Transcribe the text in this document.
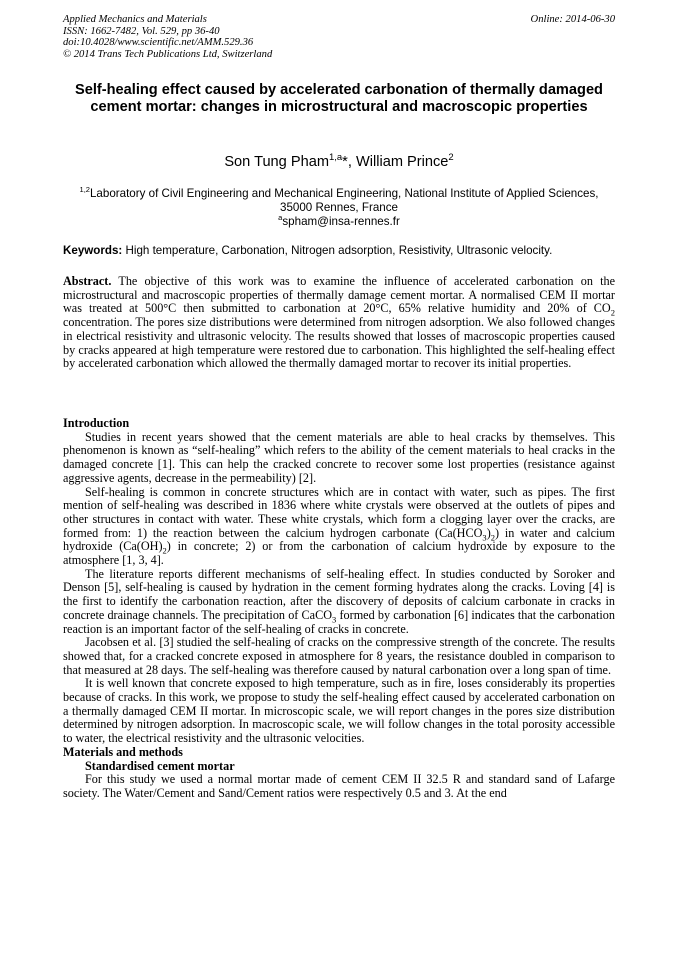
Applied Mechanics and Materials
ISSN: 1662-7482, Vol. 529, pp 36-40
doi:10.4028/www.scientific.net/AMM.529.36
© 2014 Trans Tech Publications Ltd, Switzerland
Online: 2014-06-30
Self-healing effect caused by accelerated carbonation of thermally damaged cement mortar: changes in microstructural and macroscopic properties
Son Tung Pham$^{1,a}$*, William Prince$^2$
$^{1,2}$Laboratory of Civil Engineering and Mechanical Engineering, National Institute of Applied Sciences, 35000 Rennes, France
$^a$spham@insa-rennes.fr
Keywords: High temperature, Carbonation, Nitrogen adsorption, Resistivity, Ultrasonic velocity.
Abstract. The objective of this work was to examine the influence of accelerated carbonation on the microstructural and macroscopic properties of thermally damage cement mortar. A normalised CEM II mortar was treated at 500°C then submitted to carbonation at 20°C, 65% relative humidity and 20% of $CO_2$ concentration. The pores size distributions were determined from nitrogen adsorption. We also followed changes in electrical resistivity and ultrasonic velocity. The results showed that losses of macroscopic properties caused by cracks appeared at high temperature were restored due to carbonation. This highlighted the self-healing effect by accelerated carbonation which allowed the thermally damaged mortar to recover its initial properties.
Introduction

Studies in recent years showed that the cement materials are able to heal cracks by themselves. This phenomenon is known as “self-healing” which refers to the ability of the cement materials to heal cracks in the damaged concrete [1]. This can help the cracked concrete to recover some lost properties (resistance against aggressive agents, decrease in the permeability) [2].

Self-healing is common in concrete structures which are in contact with water, such as pipes. The first mention of self-healing was described in 1836 where white crystals were observed at the outlets of pipes and other structures in contact with water. These white crystals, which form a clogging layer over the cracks, are formed from: 1) the reaction between the calcium hydrogen carbonate $(Ca(HCO_3)_2)$ in water and calcium hydroxide $(Ca(OH)_2)$ in concrete; 2) or from the carbonation of calcium hydroxide by exposure to the atmosphere [1, 3, 4].

The literature reports different mechanisms of self-healing effect. In studies conducted by Soroker and Denson [5], self-healing is caused by hydration in the cement forming hydrates along the cracks. Loving [4] is the first to identify the carbonation reaction, after the discovery of deposits of calcium carbonate in cracks in concrete drainage channels. The precipitation of CaCO$_3$ formed by carbonation [6] indicates that the carbonation reaction is an important factor of the self-healing of cracks in concrete.

Jacobsen et al. [3] studied the self-healing of cracks on the compressive strength of the concrete. The results showed that, for a cracked concrete exposed in atmosphere for 8 years, the resistance doubled in comparison to that measured at 28 days. The self-healing was therefore caused by natural carbonation over a long span of time.

It is well known that concrete exposed to high temperature, such as in fire, loses considerably its properties because of cracks. In this work, we propose to study the self-healing effect caused by accelerated carbonation on a thermally damaged CEM II mortar. In microscopic scale, we will report changes in the pores size distribution determined by nitrogen adsorption. In macroscopic scale, we will follow changes in the total porosity accessible to water, the electrical resistivity and the ultrasonic velocities.

Materials and methods
Standardised cement mortar

For this study we used a normal mortar made of cement CEM II 32.5 R and standard sand of Lafarge society. The Water/Cement and Sand/Cement ratios were respectively 0.5 and 3. At the end
